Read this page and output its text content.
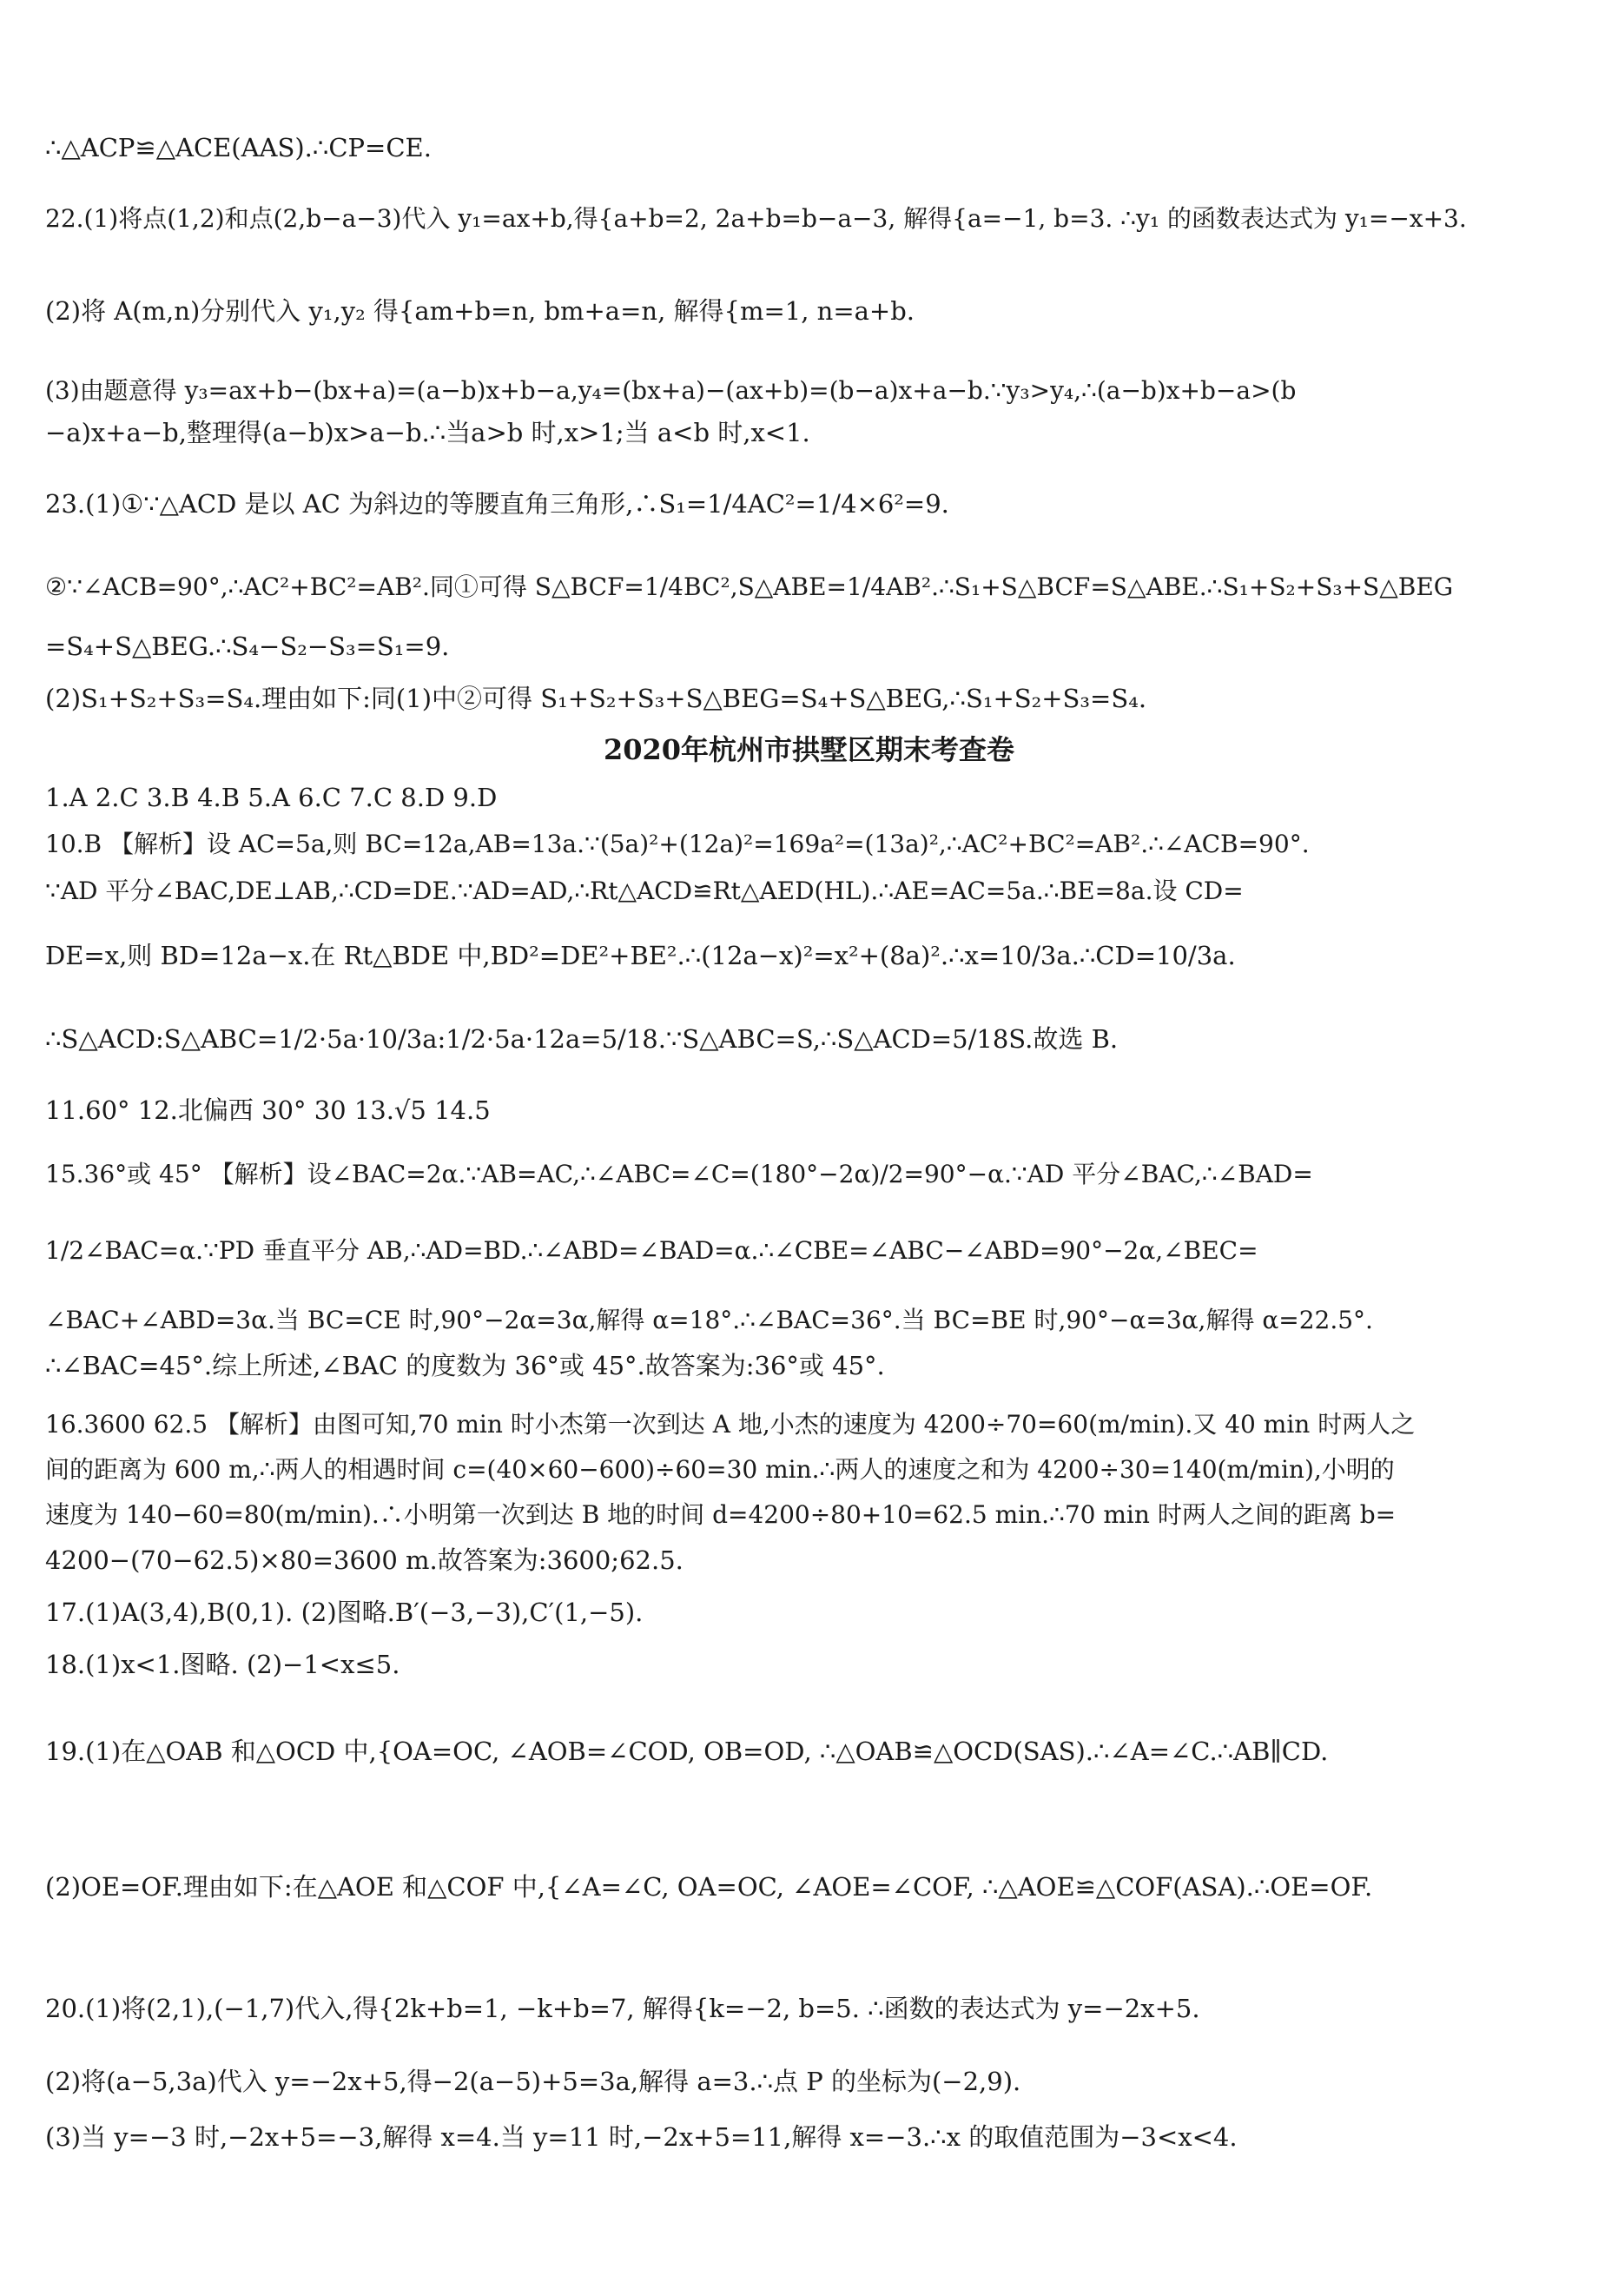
∴△ACP≌△ACE(AAS).∴CP=CE.
22.(1)将点(1,2)和点(2,b−a−3)代入 y₁=ax+b,得{a+b=2, 2a+b=b−a−3, 解得{a=−1, b=3. ∴y₁ 的函数表达式为 y₁=−x+3.
(2)将 A(m,n)分别代入 y₁,y₂ 得{am+b=n, bm+a=n, 解得{m=1, n=a+b.
(3)由题意得 y₃=ax+b−(bx+a)=(a−b)x+b−a,y₄=(bx+a)−(ax+b)=(b−a)x+a−b.∵y₃>y₄,∴(a−b)x+b−a>(b
−a)x+a−b,整理得(a−b)x>a−b.∴当a>b 时,x>1;当 a<b 时,x<1.
23.(1)①∵△ACD 是以 AC 为斜边的等腰直角三角形,∴S₁=1/4AC²=1/4×6²=9.
②∵∠ACB=90°,∴AC²+BC²=AB².同①可得 S△BCF=1/4BC²,S△ABE=1/4AB².∴S₁+S△BCF=S△ABE.∴S₁+S₂+S₃+S△BEG
=S₄+S△BEG.∴S₄−S₂−S₃=S₁=9.
(2)S₁+S₂+S₃=S₄.理由如下:同(1)中②可得 S₁+S₂+S₃+S△BEG=S₄+S△BEG,∴S₁+S₂+S₃=S₄.
2020年杭州市拱墅区期末考查卷
1.A 2.C 3.B 4.B 5.A 6.C 7.C 8.D 9.D
10.B 【解析】设 AC=5a,则 BC=12a,AB=13a.∵(5a)²+(12a)²=169a²=(13a)²,∴AC²+BC²=AB².∴∠ACB=90°.
∵AD 平分∠BAC,DE⊥AB,∴CD=DE.∵AD=AD,∴Rt△ACD≌Rt△AED(HL).∴AE=AC=5a.∴BE=8a.设 CD=
DE=x,则 BD=12a−x.在 Rt△BDE 中,BD²=DE²+BE².∴(12a−x)²=x²+(8a)².∴x=10/3a.∴CD=10/3a.
∴S△ACD:S△ABC=1/2·5a·10/3a:1/2·5a·12a=5/18.∵S△ABC=S,∴S△ACD=5/18S.故选 B.
11.60° 12.北偏西 30° 30 13.√5 14.5
15.36°或 45° 【解析】设∠BAC=2α.∵AB=AC,∴∠ABC=∠C=(180°−2α)/2=90°−α.∵AD 平分∠BAC,∴∠BAD=
1/2∠BAC=α.∵PD 垂直平分 AB,∴AD=BD.∴∠ABD=∠BAD=α.∴∠CBE=∠ABC−∠ABD=90°−2α,∠BEC=
∠BAC+∠ABD=3α.当 BC=CE 时,90°−2α=3α,解得 α=18°.∴∠BAC=36°.当 BC=BE 时,90°−α=3α,解得 α=22.5°.
∴∠BAC=45°.综上所述,∠BAC 的度数为 36°或 45°.故答案为:36°或 45°.
16.3600 62.5 【解析】由图可知,70 min 时小杰第一次到达 A 地,小杰的速度为 4200÷70=60(m/min).又 40 min 时两人之
间的距离为 600 m,∴两人的相遇时间 c=(40×60−600)÷60=30 min.∴两人的速度之和为 4200÷30=140(m/min),小明的
速度为 140−60=80(m/min).∴小明第一次到达 B 地的时间 d=4200÷80+10=62.5 min.∴70 min 时两人之间的距离 b=
4200−(70−62.5)×80=3600 m.故答案为:3600;62.5.
17.(1)A(3,4),B(0,1). (2)图略.B′(−3,−3),C′(1,−5).
18.(1)x<1.图略. (2)−1<x≤5.
19.(1)在△OAB 和△OCD 中,{OA=OC, ∠AOB=∠COD, OB=OD, ∴△OAB≌△OCD(SAS).∴∠A=∠C.∴AB∥CD.
(2)OE=OF.理由如下:在△AOE 和△COF 中,{∠A=∠C, OA=OC, ∠AOE=∠COF, ∴△AOE≌△COF(ASA).∴OE=OF.
20.(1)将(2,1),(−1,7)代入,得{2k+b=1, −k+b=7, 解得{k=−2, b=5. ∴函数的表达式为 y=−2x+5.
(2)将(a−5,3a)代入 y=−2x+5,得−2(a−5)+5=3a,解得 a=3.∴点 P 的坐标为(−2,9).
(3)当 y=−3 时,−2x+5=−3,解得 x=4.当 y=11 时,−2x+5=11,解得 x=−3.∴x 的取值范围为−3<x<4.
